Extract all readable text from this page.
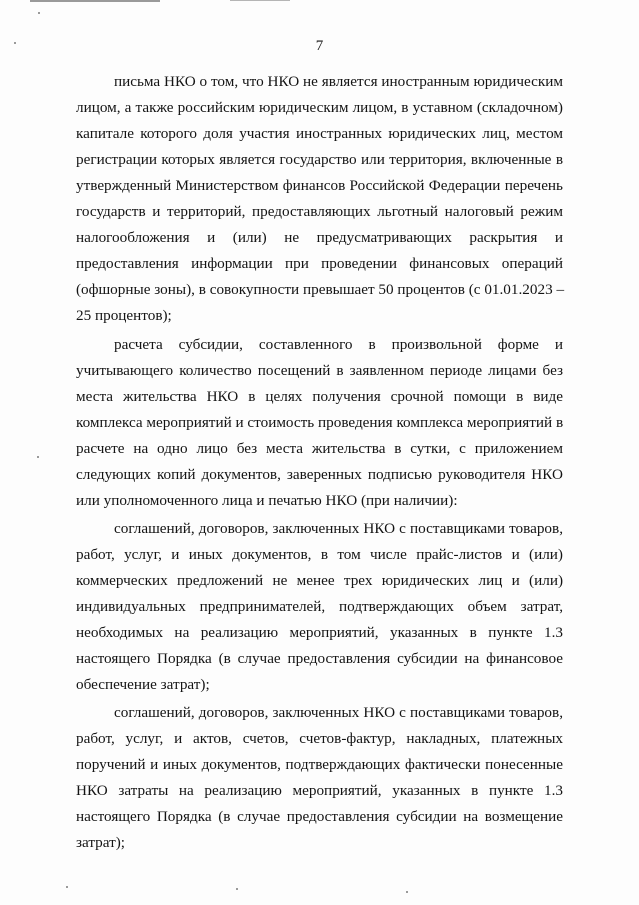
7
письма НКО о том, что НКО не является иностранным юридическим
лицом, а также российским юридическим лицом, в уставном (складочном)
капитале которого доля участия иностранных юридических лиц, местом
регистрации которых является государство или территория, включенные в
утвержденный Министерством финансов Российской Федерации перечень
государств и территорий, предоставляющих льготный налоговый режим
налогообложения и (или) не предусматривающих раскрытия и
предоставления информации при проведении финансовых операций
(офшорные зоны), в совокупности превышает 50 процентов (с 01.01.2023 –
25 процентов);
расчета субсидии, составленного в произвольной форме и
учитывающего количество посещений в заявленном периоде лицами без
места жительства НКО в целях получения срочной помощи в виде
комплекса мероприятий и стоимость проведения комплекса мероприятий в
расчете на одно лицо без места жительства в сутки, с приложением
следующих копий документов, заверенных подписью руководителя НКО
или уполномоченного лица и печатью НКО (при наличии):
соглашений, договоров, заключенных НКО с поставщиками товаров,
работ, услуг, и иных документов, в том числе прайс-листов и (или)
коммерческих предложений не менее трех юридических лиц и (или)
индивидуальных предпринимателей, подтверждающих объем затрат,
необходимых на реализацию мероприятий, указанных в пункте 1.3
настоящего Порядка (в случае предоставления субсидии на финансовое
обеспечение затрат);
соглашений, договоров, заключенных НКО с поставщиками товаров,
работ, услуг, и актов, счетов, счетов-фактур, накладных, платежных
поручений и иных документов, подтверждающих фактически понесенные
НКО затраты на реализацию мероприятий, указанных в пункте 1.3
настоящего Порядка (в случае предоставления субсидии на возмещение
затрат);
